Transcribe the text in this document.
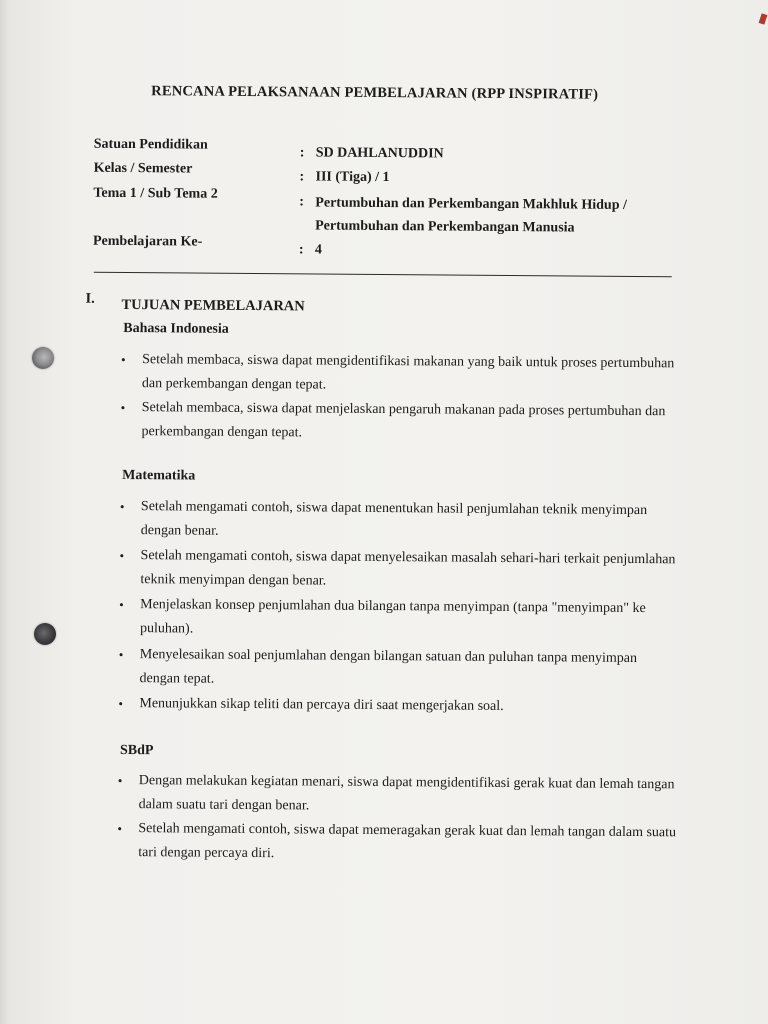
RENCANA PELAKSANAAN PEMBELAJARAN (RPP INSPIRATIF)
Satuan Pendidikan
: SD DAHLANUDDIN
Kelas / Semester
: III (Tiga) / 1
Tema 1 / Sub Tema 2
: Pertumbuhan dan Perkembangan Makhluk Hidup /
Pertumbuhan dan Perkembangan Manusia
Pembelajaran Ke-
: 4
I. TUJUAN PEMBELAJARAN
Bahasa Indonesia
•	Setelah membaca, siswa dapat mengidentifikasi makanan yang baik untuk proses pertumbuhan dan perkembangan dengan tepat.
•	Setelah membaca, siswa dapat menjelaskan pengaruh makanan pada proses pertumbuhan dan perkembangan dengan tepat.
Matematika
•	Setelah mengamati contoh, siswa dapat menentukan hasil penjumlahan teknik menyimpan dengan benar.
•	Setelah mengamati contoh, siswa dapat menyelesaikan masalah sehari-hari terkait penjumlahan teknik menyimpan dengan benar.
•	Menjelaskan konsep penjumlahan dua bilangan tanpa menyimpan (tanpa "menyimpan" ke puluhan).
•	Menyelesaikan soal penjumlahan dengan bilangan satuan dan puluhan tanpa menyimpan dengan tepat.
•	Menunjukkan sikap teliti dan percaya diri saat mengerjakan soal.
SBdP
•	Dengan melakukan kegiatan menari, siswa dapat mengidentifikasi gerak kuat dan lemah tangan dalam suatu tari dengan benar.
•	Setelah mengamati contoh, siswa dapat memeragakan gerak kuat dan lemah tangan dalam suatu tari dengan percaya diri.
